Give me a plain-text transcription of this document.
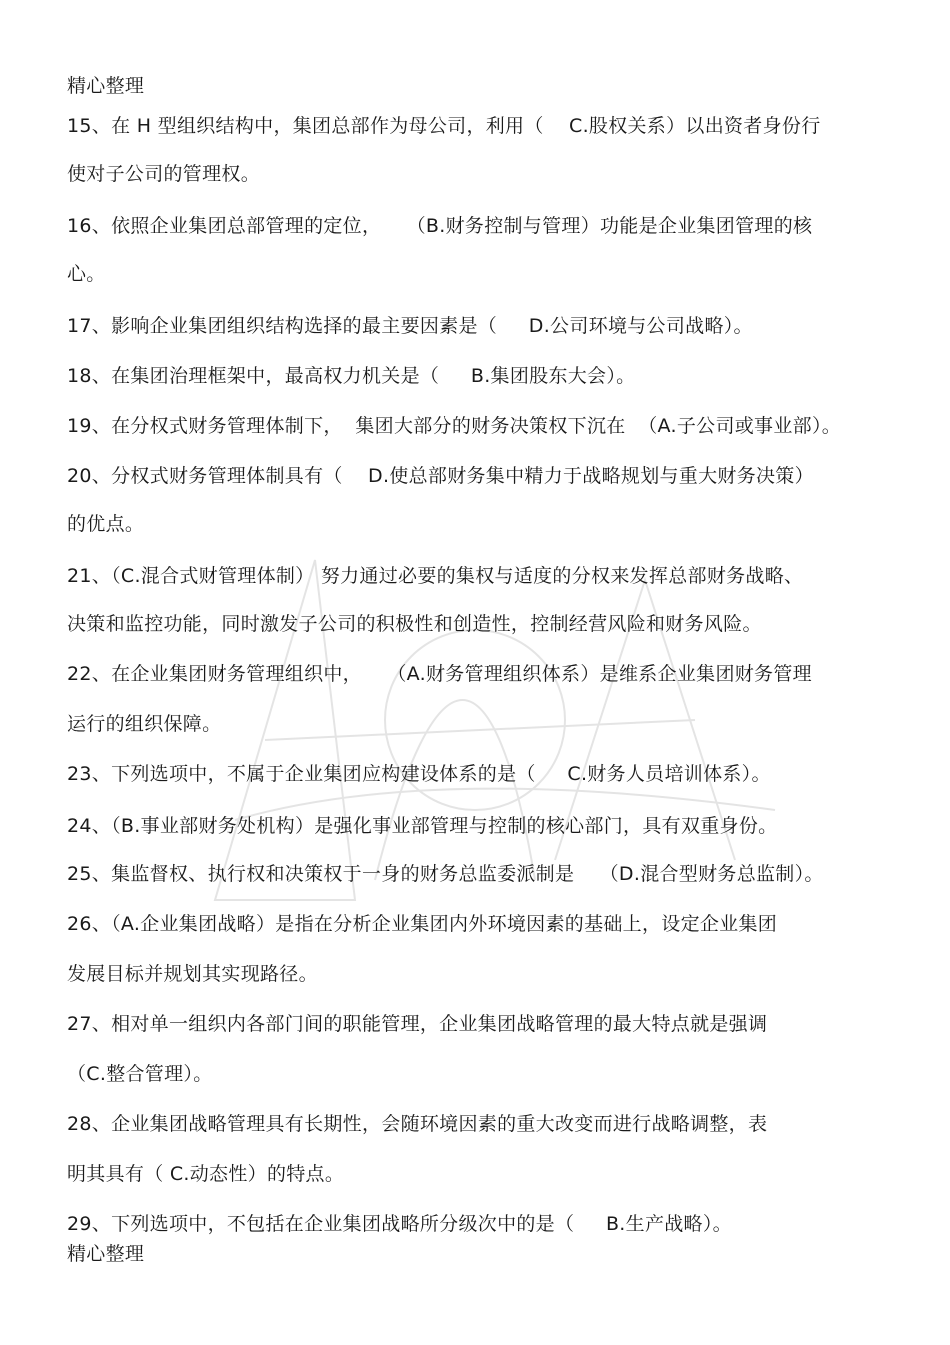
精心整理
15、在 H 型组织结构中，集团总部作为母公司，利用（    C.股权关系）以出资者身份行
使对子公司的管理权。
16、依照企业集团总部管理的定位，    （B.财务控制与管理）功能是企业集团管理的核
心。
17、影响企业集团组织结构选择的最主要因素是（     D.公司环境与公司战略）。
18、在集团治理框架中，最高权力机关是（     B.集团股东大会）。
19、在分权式财务管理体制下，  集团大部分的财务决策权下沉在  （A.子公司或事业部）。
20、分权式财务管理体制具有（    D.使总部财务集中精力于战略规划与重大财务决策）
的优点。
21、（C.混合式财管理体制） 努力通过必要的集权与适度的分权来发挥总部财务战略、
决策和监控功能，同时激发子公司的积极性和创造性，控制经营风险和财务风险。
22、在企业集团财务管理组织中，    （A.财务管理组织体系）是维系企业集团财务管理
运行的组织保障。
23、下列选项中，不属于企业集团应构建设体系的是（     C.财务人员培训体系）。
24、（B.事业部财务处机构）是强化事业部管理与控制的核心部门，具有双重身份。
25、集监督权、执行权和决策权于一身的财务总监委派制是    （D.混合型财务总监制）。
26、（A.企业集团战略）是指在分析企业集团内外环境因素的基础上，设定企业集团
发展目标并规划其实现路径。
27、相对单一组织内各部门间的职能管理，企业集团战略管理的最大特点就是强调
（C.整合管理）。
28、企业集团战略管理具有长期性，会随环境因素的重大改变而进行战略调整，表
明其具有（ C.动态性）的特点。
29、下列选项中，不包括在企业集团战略所分级次中的是（     B.生产战略）。
精心整理
